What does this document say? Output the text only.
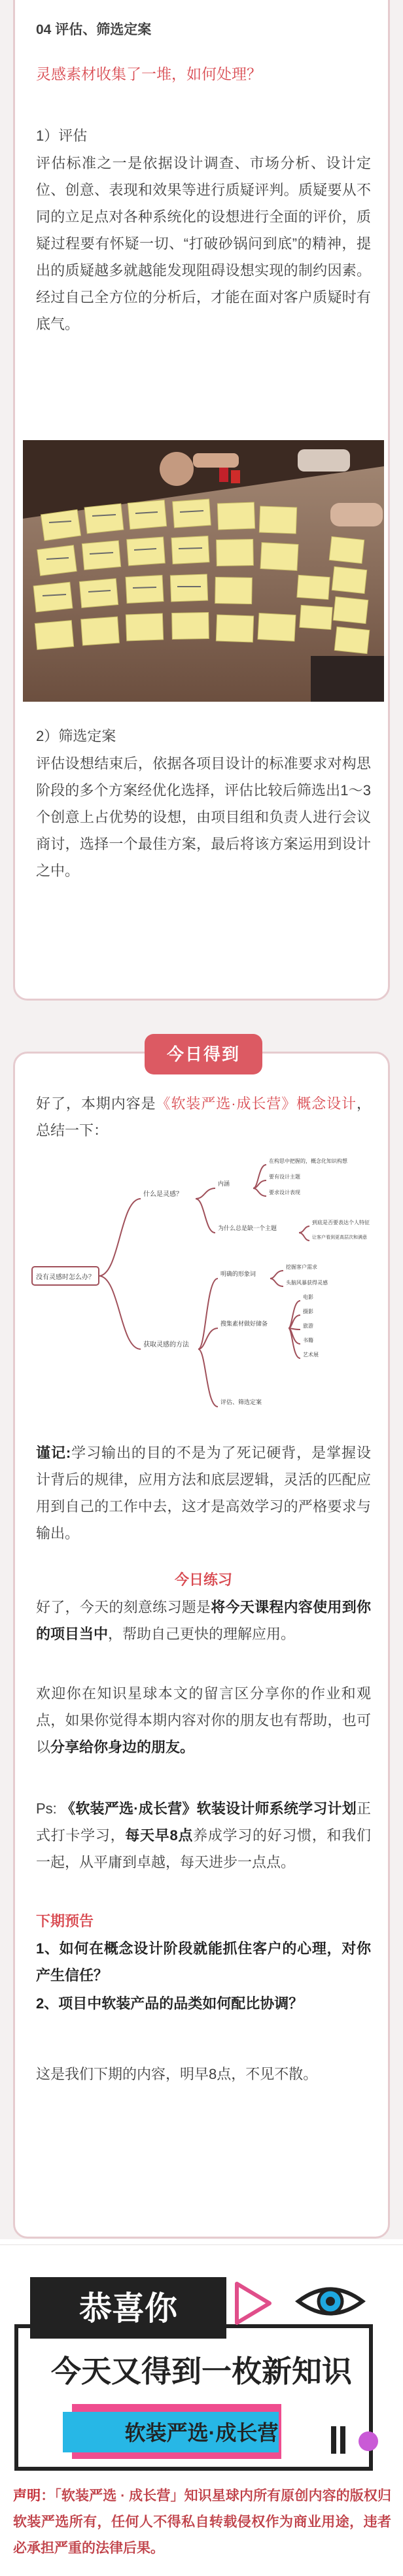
04 评估、筛选定案

灵感素材收集了一堆，如何处理？

1）评估

评估标准之一是依据设计调查、市场分析、设计定位、创意、表现和效果等进行质疑评判。质疑要从不同的立足点对各种系统化的设想进行全面的评价，质疑过程要有怀疑一切、“打破砂锅问到底”的精神，提出的质疑越多就越能发现阻碍设想实现的制约因素。经过自己全方位的分析后，才能在面对客户质疑时有底气。

2）筛选定案

评估设想结束后，依据各项目设计的标准要求对构思阶段的多个方案经优化选择，评估比较后筛选出1～3个创意上占优势的设想，由项目组和负责人进行会议商讨，选择一个最佳方案，最后将该方案运用到设计之中。

今日得到

好了，本期内容是《软装严选·成长营》概念设计，总结一下：

没有灵感时怎么办？
什么是灵感？
获取灵感的方法
内涵
为什么总是缺一个主题
在构思中把握的，概念化知识构想
要有设计主题
要求设计表现
到底是否要表达个人特征
让客户看到更高层次和满意
明确的形象词
搜集素材做好储备
评估、筛选定案
挖掘客户需求
头脑风暴获得灵感
电影
摄影
旅游
书籍
艺术展

谨记:学习输出的目的不是为了死记硬背，是掌握设计背后的规律，应用方法和底层逻辑，灵活的匹配应用到自己的工作中去，这才是高效学习的严格要求与输出。

今日练习

好了，今天的刻意练习题是将今天课程内容使用到你的项目当中，帮助自己更快的理解应用。

欢迎你在知识星球本文的留言区分享你的作业和观点，如果你觉得本期内容对你的朋友也有帮助，也可以分享给你身边的朋友。

Ps: 《软装严选·成长营》软装设计师系统学习计划正式打卡学习，每天早8点养成学习的好习惯，和我们一起，从平庸到卓越，每天进步一点点。

下期预告

1、如何在概念设计阶段就能抓住客户的心理，对你产生信任？

2、项目中软装产品的品类如何配比协调？

这是我们下期的内容，明早8点，不见不散。

恭喜你
今天又得到一枚新知识
软装严选·成长营

声明：「软装严选 · 成长营」知识星球内所有原创内容的版权归软装严选所有，任何人不得私自转载侵权作为商业用途，违者必承担严重的法律后果。
